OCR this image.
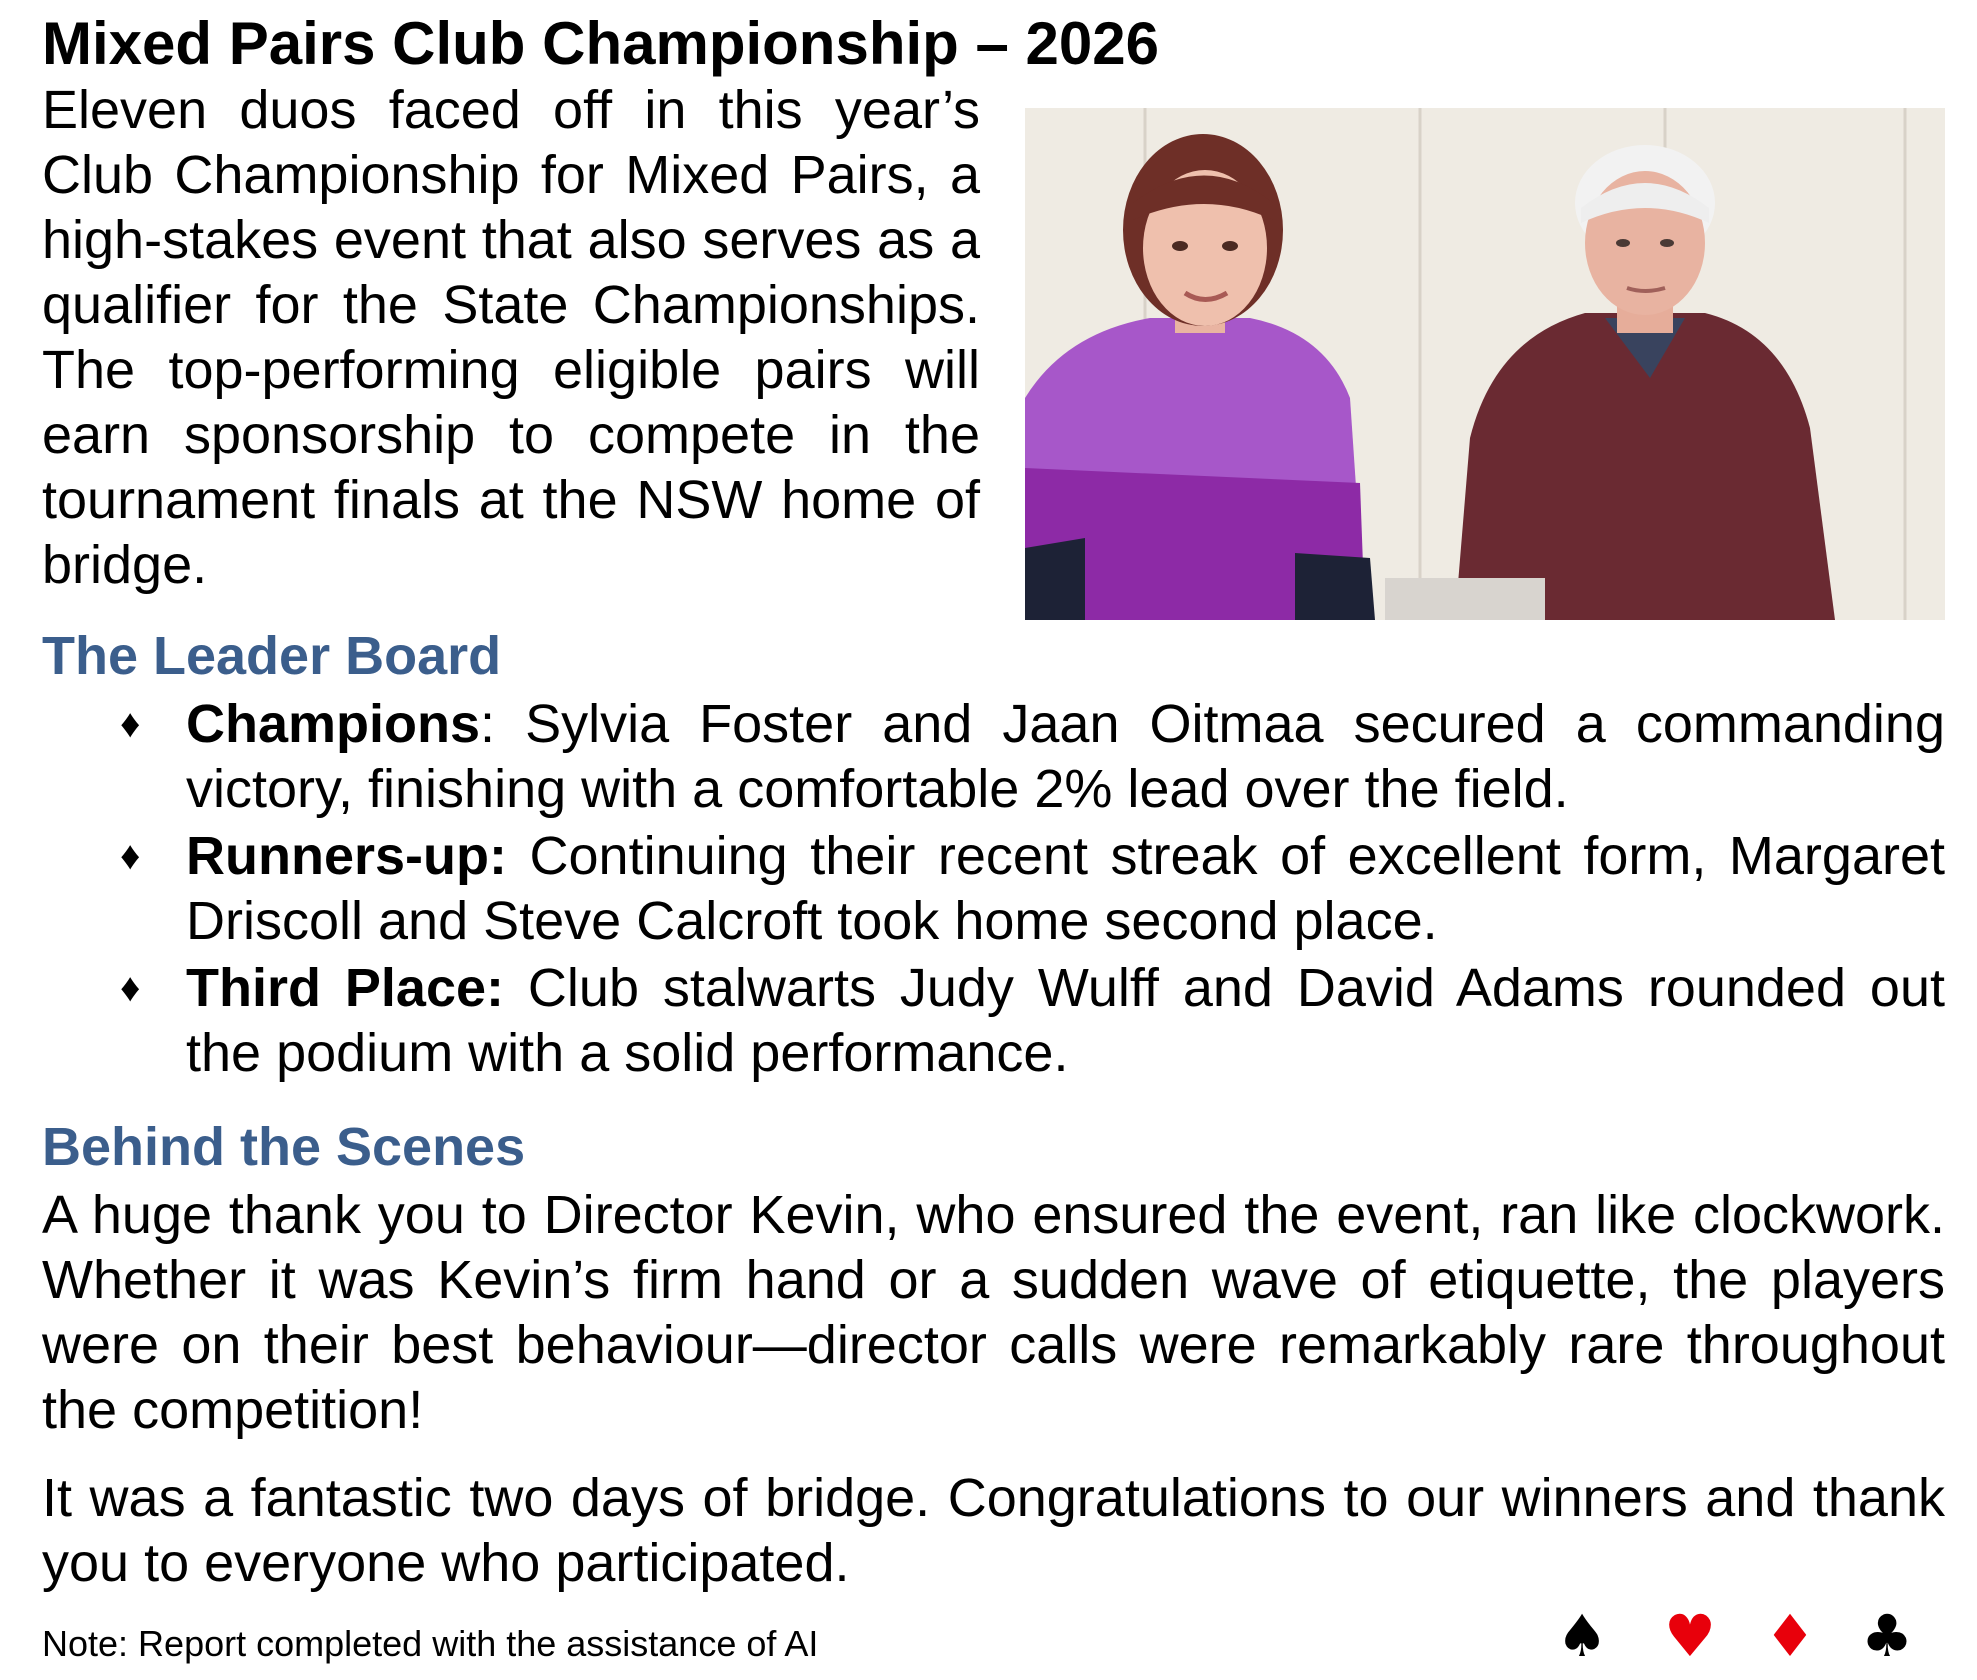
Mixed Pairs Club Championship – 2026

Eleven duos faced off in this year’s Club Championship for Mixed Pairs, a high-stakes event that also serves as a qualifier for the State Championships. The top-performing eligible pairs will earn sponsorship to compete in the tournament finals at the NSW home of bridge.

The Leader Board
♦ Champions: Sylvia Foster and Jaan Oitmaa secured a commanding victory, finishing with a comfortable 2% lead over the field.
♦ Runners-up: Continuing their recent streak of excellent form, Margaret Driscoll and Steve Calcroft took home second place.
♦ Third Place: Club stalwarts Judy Wulff and David Adams rounded out the podium with a solid performance.
Behind the Scenes

A huge thank you to Director Kevin, who ensured the event, ran like clockwork. Whether it was Kevin’s firm hand or a sudden wave of etiquette, the players were on their best behaviour—director calls were remarkably rare throughout the competition!

It was a fantastic two days of bridge. Congratulations to our winners and thank you to everyone who participated.

Note: Report completed with the assistance of AI	♠ ♥ ♦ ♣
